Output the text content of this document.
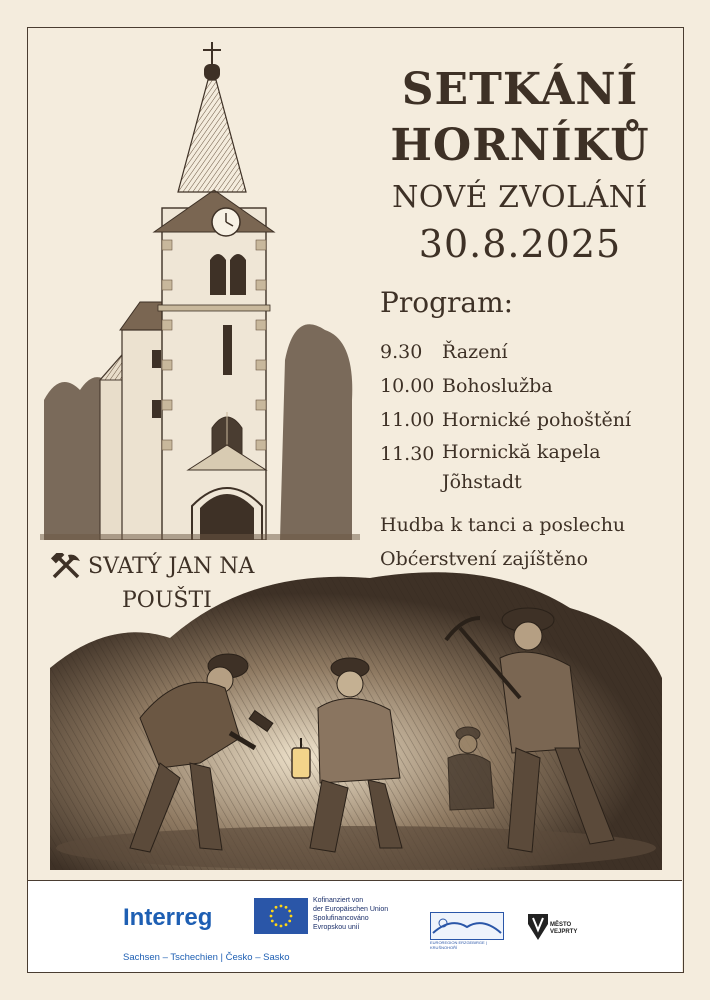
SETKÁNÍ
HORNÍKŮ
NOVÉ ZVOLÁNÍ
30.8.2025
Program:
9.30	Řazení
10.00 Bohoslužba
11.00 Hornické pohoštění
11.30 Hornickă kapela
Jõhstadt
Hudba k tanci a poslechu
Obćerstvení zajíštěno
SVATÝ JAN NA
POUŠTI
Interreg
Sachsen – Tschechien | Česko – Sasko
Kofinanziert von
der Europäischen Union
Spolufinancováno
Evropskou unií
EUROREGION ERZGEBIRGE | KRUŠNOHOŘÍ
MĚSTO
VEJPRTY
